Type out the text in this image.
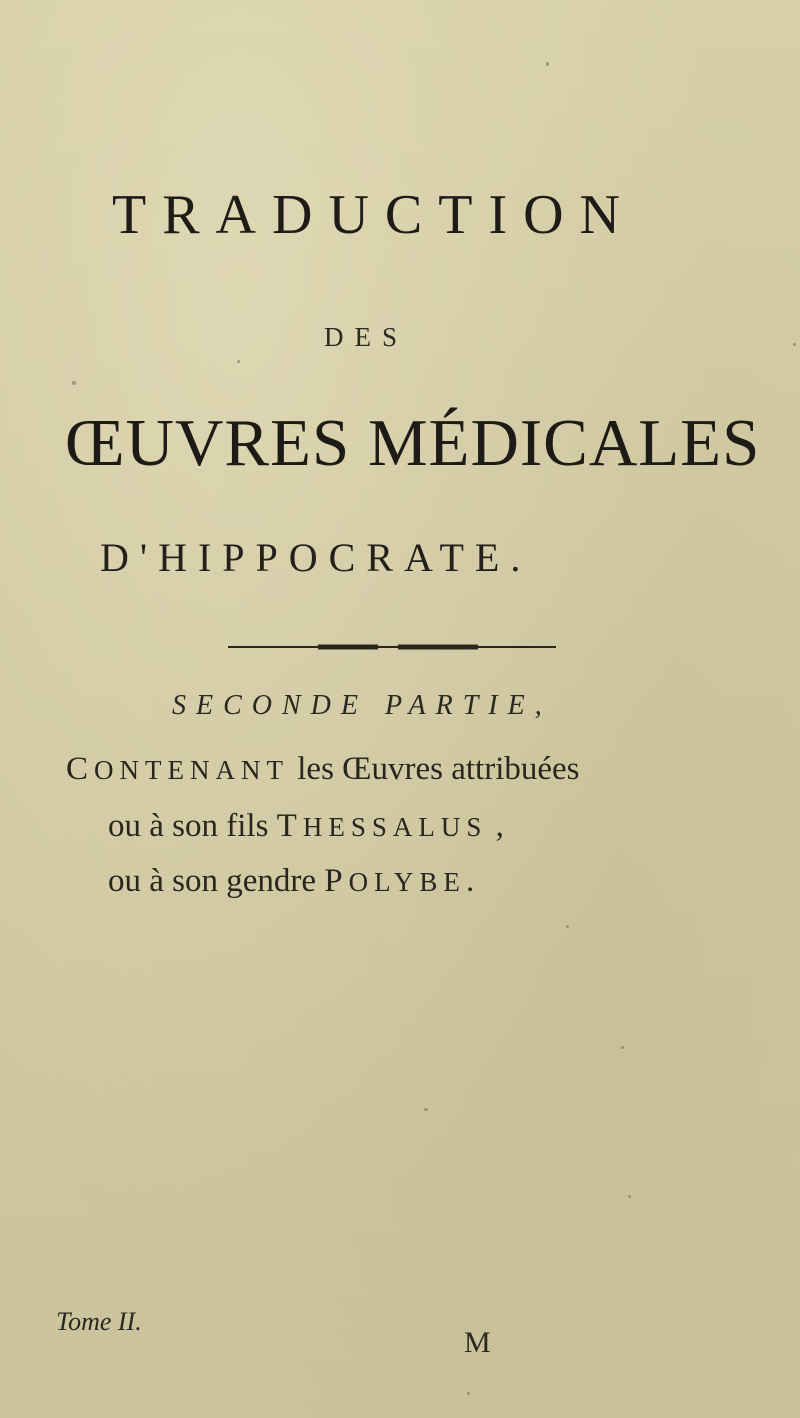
TRADUCTION
DES
ŒUVRES MÉDICALES
D'HIPPOCRATE.
SECONDE PARTIE,
CONTENANT les Œuvres attribuées
ou à son fils THESSALUS ,
ou à son gendre POLYBE.
Tome II.
M
